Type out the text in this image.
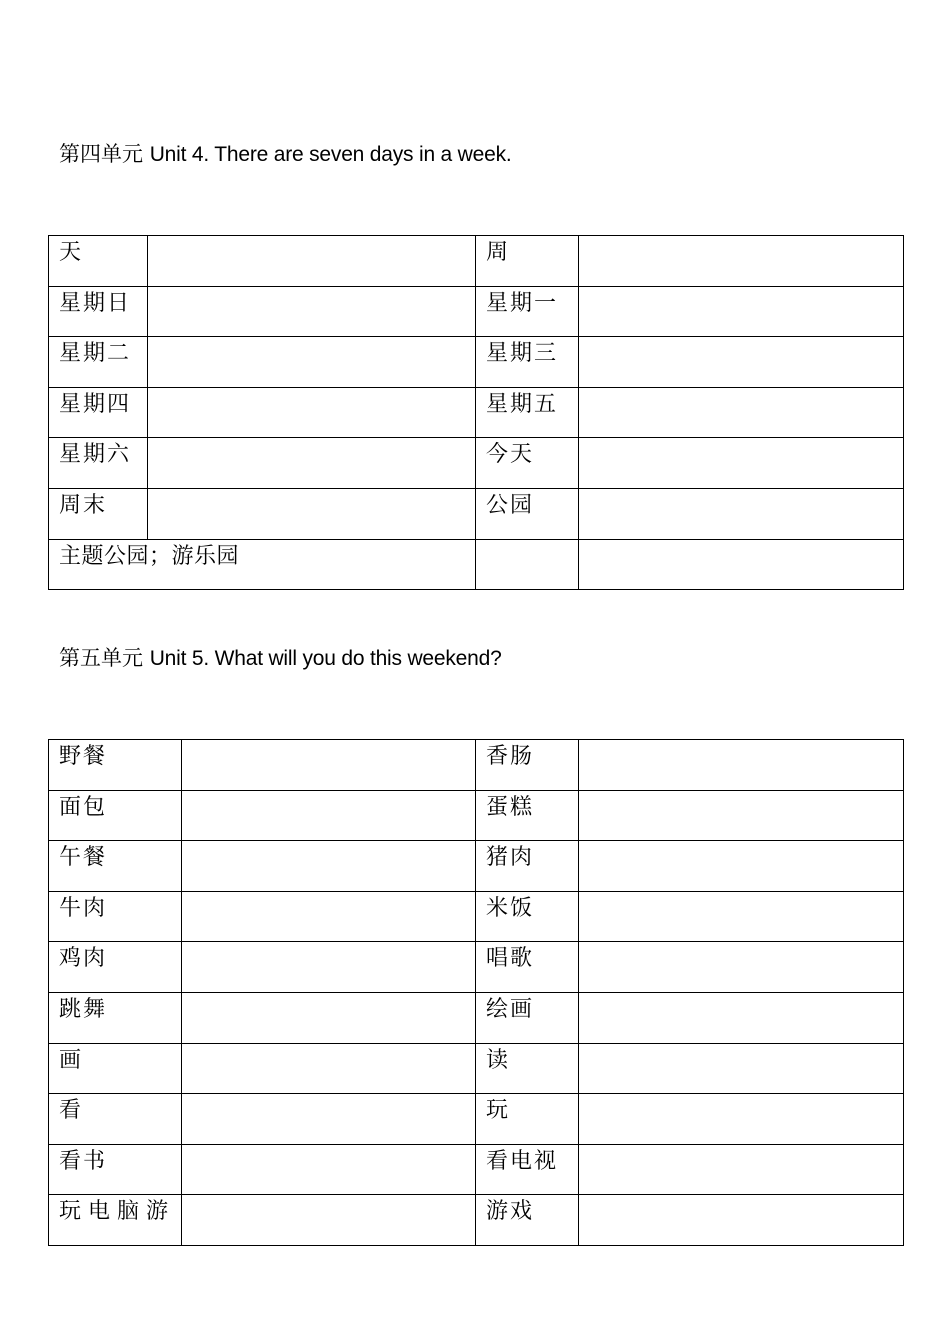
第四单元 Unit 4. There are seven days in a week.
天		周	

星期日		星期一	

星期二		星期三	

星期四		星期五	

星期六		今天	

周末		公园	

主题公园；游乐园			

第五单元 Unit 5. What will you do this weekend?
野餐		香肠	

面包		蛋糕	

午餐		猪肉	

牛肉		米饭	

鸡肉		唱歌	

跳舞		绘画	

画		读	

看		玩	

看书		看电视	

玩 电 脑 游		游戏	
